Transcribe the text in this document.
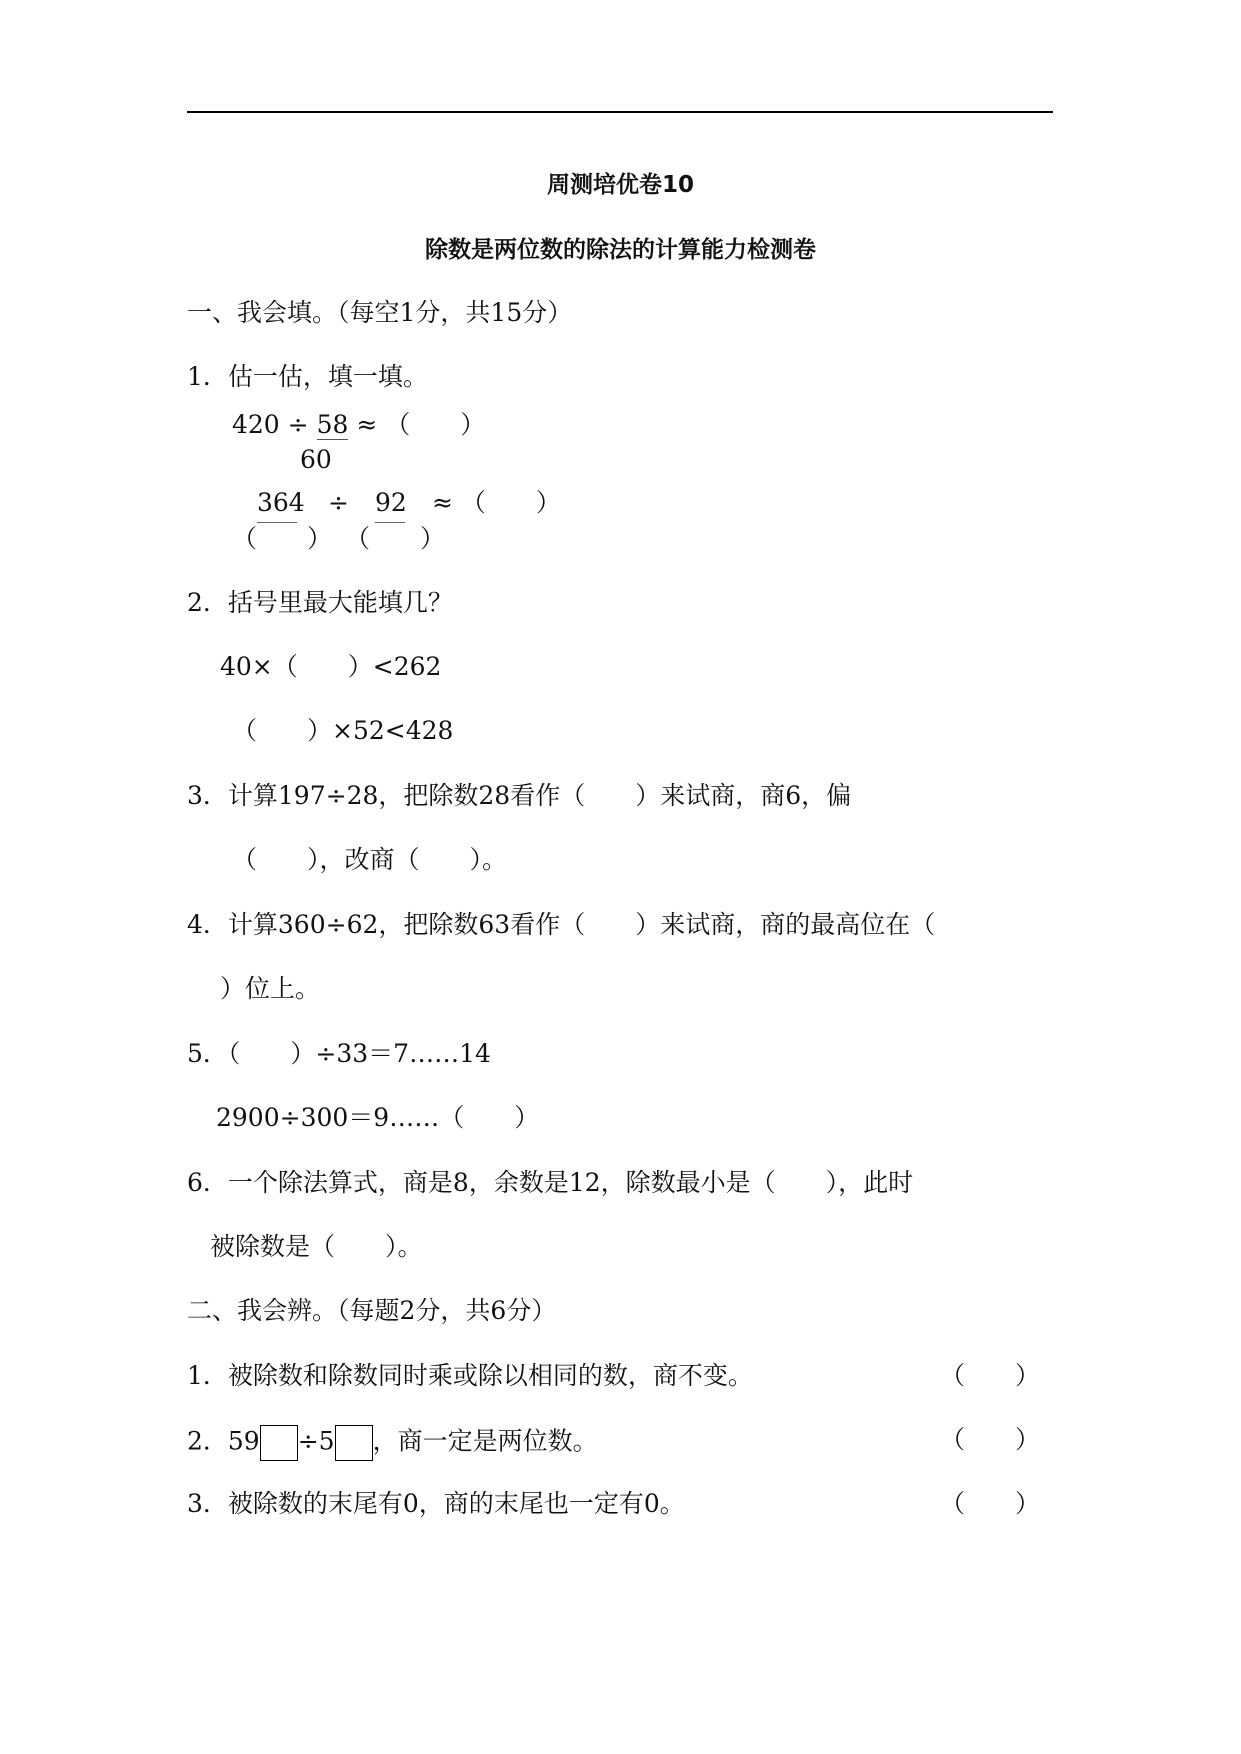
周测培优卷10
除数是两位数的除法的计算能力检测卷
一、我会填。（每空1分，共15分）
1．估一估，填一填。
420 ÷ 58 ≈ （　　）
60
364 ÷ 92 ≈ （　　）
（　　） （　　）
2．括号里最大能填几？
40×（　　）<262
（　　）×52<428
3．计算197÷28，把除数28看作（　　）来试商，商6，偏
（　　），改商（　　）。
4．计算360÷62，把除数63看作（　　）来试商，商的最高位在（
）位上。
5．（　　）÷33＝7……14
2900÷300＝9……（　　）
6．一个除法算式，商是8，余数是12，除数最小是（　　），此时
被除数是（　　）。
二、我会辨。（每题2分，共6分）
1．被除数和除数同时乘或除以相同的数，商不变。	（　　）
2．59 ÷5 ，商一定是两位数。	（　　）
3．被除数的末尾有0，商的末尾也一定有0。	（　　）
